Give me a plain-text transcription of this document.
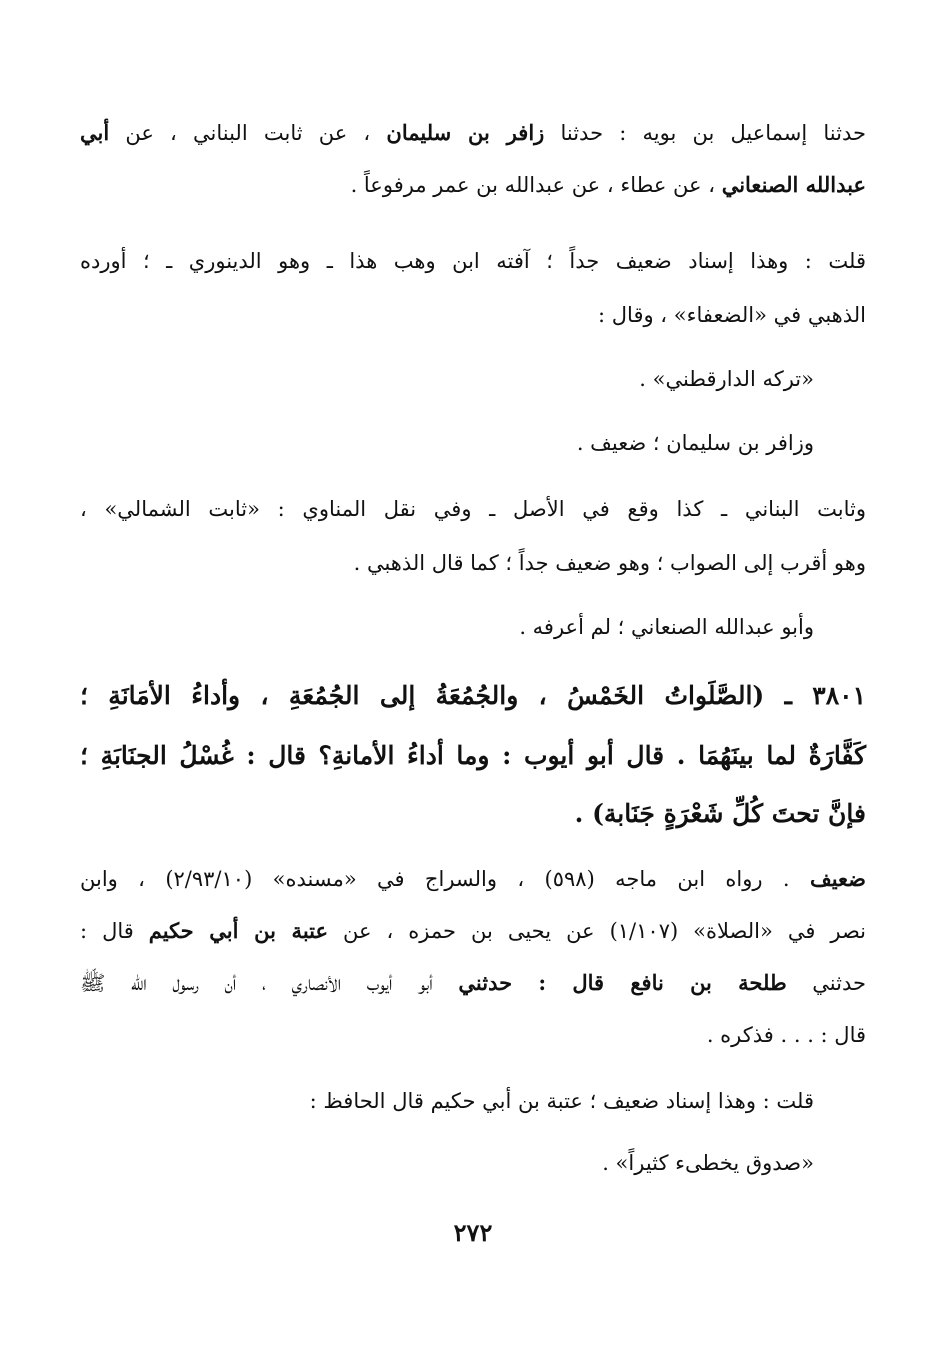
حدثنا إسماعيل بن بويه : حدثنا زافر بن سليمان ، عن ثابت البناني ، عن أبي
عبدالله الصنعاني ، عن عطاء ، عن عبدالله بن عمر مرفوعاً .
قلت : وهذا إسناد ضعيف جداً ؛ آفته ابن وهب هذا ـ وهو الدينوري ـ ؛ أورده
الذهبي في «الضعفاء» ، وقال :
«تركه الدارقطني» .
وزافر بن سليمان ؛ ضعيف .
وثابت البناني ـ كذا وقع في الأصل ـ وفي نقل المناوي : «ثابت الشمالي» ،
وهو أقرب إلى الصواب ؛ وهو ضعيف جداً ؛ كما قال الذهبي .
وأبو عبدالله الصنعاني ؛ لم أعرفه .
٣٨٠١ ـ (الصَّلَواتُ الخَمْسُ ، والجُمُعَةُ إلى الجُمُعَةِ ، وأداءُ الأمَانَةِ ؛
كَفَّارَةٌ لما بينَهُمَا . قال أبو أيوب : وما أداءُ الأمانةِ؟ قال : غُسْلُ الجنَابَةِ ؛
فإنَّ تحتَ كُلِّ شَعْرَةٍ جَنَابة) .
ضعيف . رواه ابن ماجه (٥٩٨) ، والسراج في «مسنده» (٢/٩٣/١٠) ، وابن
نصر في «الصلاة» (١/١٠٧) عن يحيى بن حمزه ، عن عتبة بن أبي حكيم قال :
حدثني طلحة بن نافع قال : حدثني أبو أيوب الأنصاري ، أن رسول الله ﷺ
قال : . . . فذكره .
قلت : وهذا إسناد ضعيف ؛ عتبة بن أبي حكيم قال الحافظ :
«صدوق يخطىء كثيراً» .
٢٧٢
